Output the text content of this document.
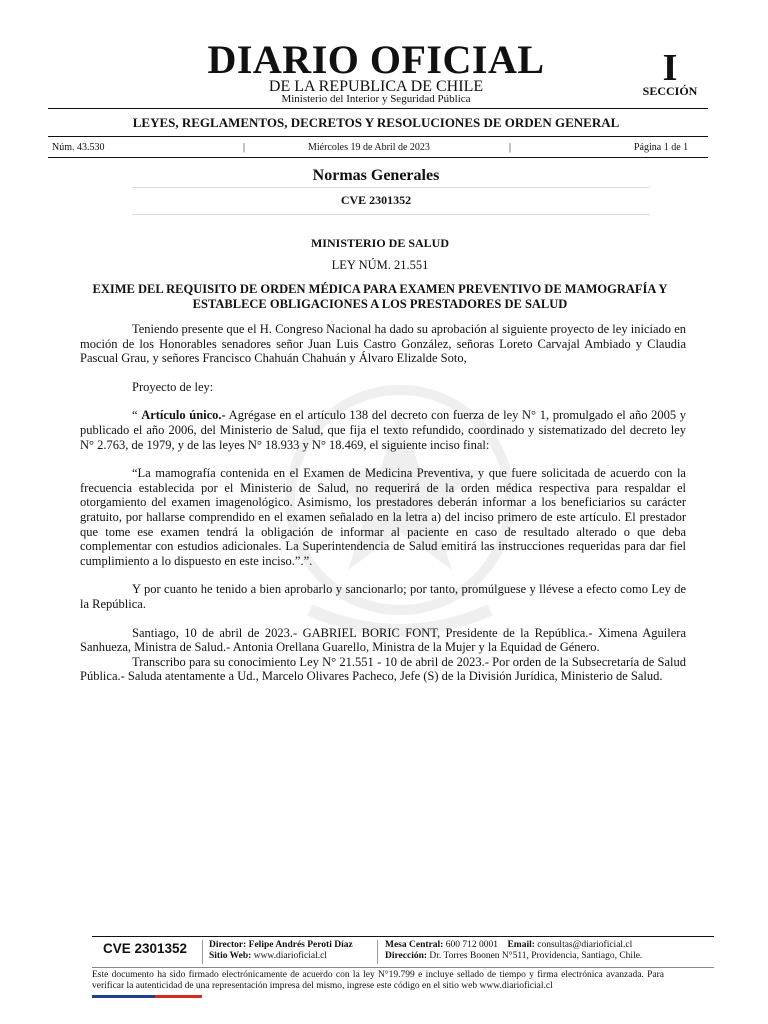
DIARIO OFICIAL
DE LA REPUBLICA DE CHILE
Ministerio del Interior y Seguridad Pública
I
SECCIÓN
LEYES, REGLAMENTOS, DECRETOS Y RESOLUCIONES DE ORDEN GENERAL
Núm. 43.530	|	Miércoles 19 de Abril de 2023	|	Página 1 de 1
Normas Generales
CVE 2301352
MINISTERIO DE SALUD
LEY NÚM. 21.551
EXIME DEL REQUISITO DE ORDEN MÉDICA PARA EXAMEN PREVENTIVO DE MAMOGRAFÍA Y ESTABLECE OBLIGACIONES A LOS PRESTADORES DE SALUD

Teniendo presente que el H. Congreso Nacional ha dado su aprobación al siguiente proyecto de ley iniciado en moción de los Honorables senadores señor Juan Luis Castro González, señoras Loreto Carvajal Ambiado y Claudia Pascual Grau, y señores Francisco Chahuán Chahuán y Álvaro Elizalde Soto,

Proyecto de ley:

“ Artículo único.- Agrégase en el artículo 138 del decreto con fuerza de ley N° 1, promulgado el año 2005 y publicado el año 2006, del Ministerio de Salud, que fija el texto refundido, coordinado y sistematizado del decreto ley N° 2.763, de 1979, y de las leyes N° 18.933 y N° 18.469, el siguiente inciso final:

“La mamografía contenida en el Examen de Medicina Preventiva, y que fuere solicitada de acuerdo con la frecuencia establecida por el Ministerio de Salud, no requerirá de la orden médica respectiva para respaldar el otorgamiento del examen imagenológico. Asimismo, los prestadores deberán informar a los beneficiarios su carácter gratuito, por hallarse comprendido en el examen señalado en la letra a) del inciso primero de este artículo. El prestador que tome ese examen tendrá la obligación de informar al paciente en caso de resultado alterado o que deba complementar con estudios adicionales. La Superintendencia de Salud emitirá las instrucciones requeridas para dar fiel cumplimiento a lo dispuesto en este inciso.”.”.

Y por cuanto he tenido a bien aprobarlo y sancionarlo; por tanto, promúlguese y llévese a efecto como Ley de la República.

Santiago, 10 de abril de 2023.- GABRIEL BORIC FONT, Presidente de la República.- Ximena Aguilera Sanhueza, Ministra de Salud.- Antonia Orellana Guarello, Ministra de la Mujer y la Equidad de Género.

Transcribo para su conocimiento Ley N° 21.551 - 10 de abril de 2023.- Por orden de la Subsecretaría de Salud Pública.- Saluda atentamente a Ud., Marcelo Olivares Pacheco, Jefe (S) de la División Jurídica, Ministerio de Salud.

CVE 2301352 Director: Felipe Andrés Peroti Díaz
Sitio Web: www.diarioficial.cl
Mesa Central: 600 712 0001 Email: consultas@diarioficial.cl
Dirección: Dr. Torres Boonen N°511, Providencia, Santiago, Chile.
Este documento ha sido firmado electrónicamente de acuerdo con la ley N°19.799 e incluye sellado de tiempo y firma electrónica avanzada. Para verificar la autenticidad de una representación impresa del mismo, ingrese este código en el sitio web www.diarioficial.cl
